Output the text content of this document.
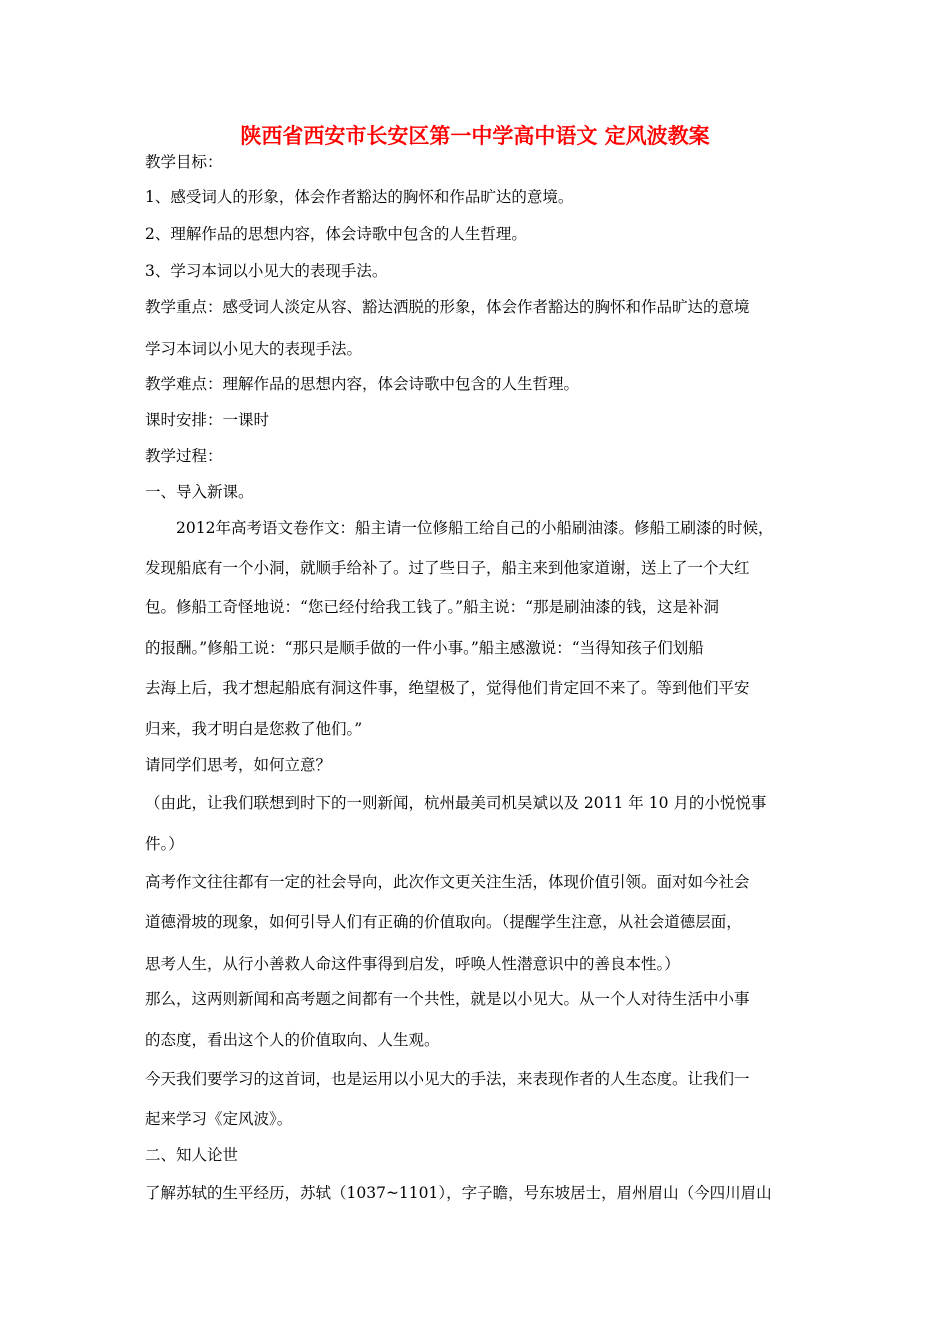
陕西省西安市长安区第一中学高中语文 定风波教案
教学目标：
1、感受词人的形象，体会作者豁达的胸怀和作品旷达的意境。
2、理解作品的思想内容，体会诗歌中包含的人生哲理。
3、学习本词以小见大的表现手法。
教学重点：感受词人淡定从容、豁达洒脱的形象，体会作者豁达的胸怀和作品旷达的意境
学习本词以小见大的表现手法。
教学难点：理解作品的思想内容，体会诗歌中包含的人生哲理。
课时安排：一课时
教学过程：
一、导入新课。
2012年高考语文卷作文：船主请一位修船工给自己的小船刷油漆。修船工刷漆的时候，
发现船底有一个小洞，就顺手给补了。过了些日子，船主来到他家道谢，送上了一个大红
包。修船工奇怪地说：“您已经付给我工钱了。”船主说：“那是刷油漆的钱，这是补洞
的报酬。”修船工说：“那只是顺手做的一件小事。”船主感激说：“当得知孩子们划船
去海上后，我才想起船底有洞这件事，绝望极了，觉得他们肯定回不来了。等到他们平安
归来，我才明白是您救了他们。”
请同学们思考，如何立意？
（由此，让我们联想到时下的一则新闻，杭州最美司机吴斌以及 2011 年 10 月的小悦悦事
件。）
高考作文往往都有一定的社会导向，此次作文更关注生活，体现价值引领。面对如今社会
道德滑坡的现象，如何引导人们有正确的价值取向。（提醒学生注意，从社会道德层面，
思考人生，从行小善救人命这件事得到启发，呼唤人性潜意识中的善良本性。）
那么，这两则新闻和高考题之间都有一个共性，就是以小见大。从一个人对待生活中小事
的态度，看出这个人的价值取向、人生观。
今天我们要学习的这首词，也是运用以小见大的手法，来表现作者的人生态度。让我们一
起来学习《定风波》。
二、知人论世
了解苏轼的生平经历，苏轼（1037~1101），字子瞻，号东坡居士，眉州眉山（今四川眉山
